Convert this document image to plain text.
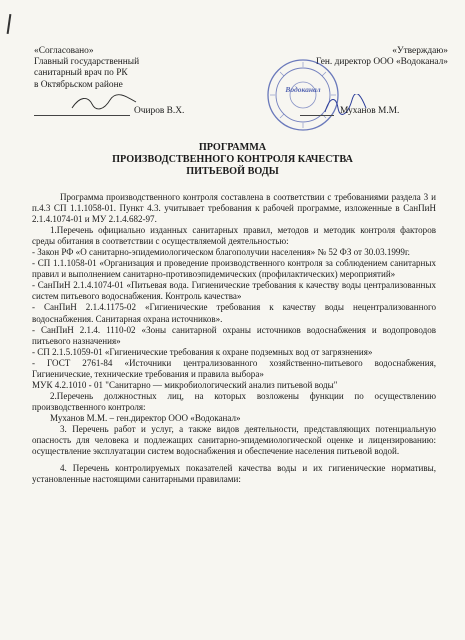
«Согласовано»
Главный государственный
санитарный врач по РК
в Октябрьском районе
«Утверждаю»
Ген. директор ООО «Водоканал»
Водоканал
Очиров В.Х.	Муханов М.М.
ПРОГРАММА
ПРОИЗВОДСТВЕННОГО КОНТРОЛЯ КАЧЕСТВА
ПИТЬЕВОЙ ВОДЫ

Программа производственного контроля составлена в соответствии с требованиями раздела 3 и п.4.3 СП 1.1.1058-01. Пункт 4.3. учитывает требования к рабочей программе, изложенные в СанПиН 2.1.4.1074-01 и МУ 2.1.4.682-97.

1.Перечень официально изданных санитарных правил, методов и методик контроля факторов среды обитания в соответствии с осуществляемой деятельностью:

- Закон РФ «О санитарно-эпидемиологическом благополучии населения» № 52 ФЗ от 30.03.1999г.

- СП 1.1.1058-01 «Организация и проведение производственного контроля за соблюдением санитарных правил и выполнением санитарно-противоэпидемических (профилактических) мероприятий»

- СанПиН 2.1.4.1074-01 «Питьевая вода. Гигиенические требования к качеству воды централизованных систем питьевого водоснабжения. Контроль качества»

- СанПиН 2.1.4.1175-02 «Гигиенические требования к качеству воды нецентрализованного водоснабжения. Санитарная охрана источников».

- СанПиН 2.1.4. 1110-02 «Зоны санитарной охраны источников водоснабжения и водопроводов питьевого назначения»

- СП 2.1.5.1059-01 «Гигиенические требования к охране подземных вод от загрязнения»

- ГОСТ 2761-84 «Источники централизованного хозяйственно-питьевого водоснабжения, Гигиенические, технические требования и правила выбора»

МУК 4.2.1010 - 01 "Санитарно — микробиологический анализ питьевой воды"

2.Перечень должностных лиц, на которых возложены функции по осуществлению производственного контроля:

Муханов М.М. – ген.директор ООО «Водоканал»

3. Перечень работ и услуг, а также видов деятельности, представляющих потенциальную опасность для человека и подлежащих санитарно-эпидемиологической оценке и лицензированию: осуществление эксплуатации систем водоснабжения и обеспечение населения питьевой водой.

4. Перечень контролируемых показателей качества воды и их гигиенические нормативы, установленные настоящими санитарными правилами:
